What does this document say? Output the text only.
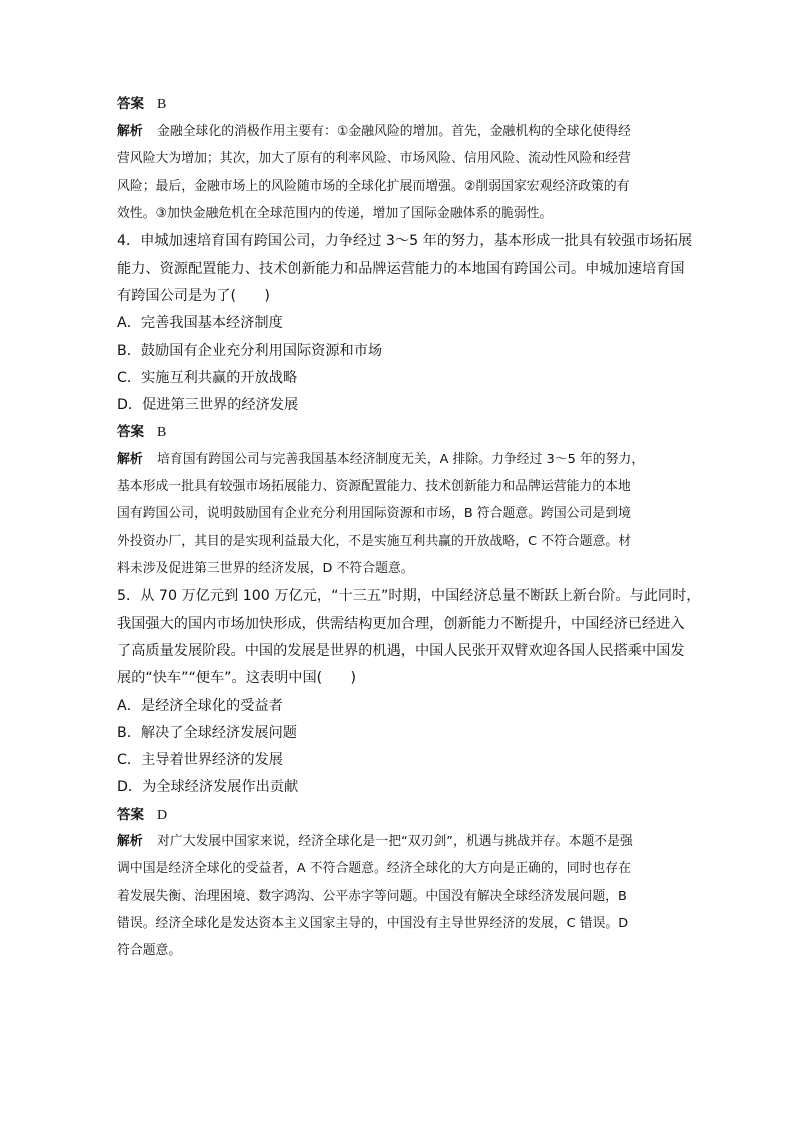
答案 B
解析 金融全球化的消极作用主要有：①金融风险的增加。首先，金融机构的全球化使得经
营风险大为增加；其次，加大了原有的利率风险、市场风险、信用风险、流动性风险和经营
风险；最后，金融市场上的风险随市场的全球化扩展而增强。②削弱国家宏观经济政策的有
效性。③加快金融危机在全球范围内的传递，增加了国际金融体系的脆弱性。
4．申城加速培育国有跨国公司，力争经过 3～5 年的努力，基本形成一批具有较强市场拓展
能力、资源配置能力、技术创新能力和品牌运营能力的本地国有跨国公司。申城加速培育国
有跨国公司是为了(　　)
A．完善我国基本经济制度
B．鼓励国有企业充分利用国际资源和市场
C．实施互利共赢的开放战略
D．促进第三世界的经济发展
答案 B
解析 培育国有跨国公司与完善我国基本经济制度无关，A 排除。力争经过 3～5 年的努力，
基本形成一批具有较强市场拓展能力、资源配置能力、技术创新能力和品牌运营能力的本地
国有跨国公司，说明鼓励国有企业充分利用国际资源和市场，B 符合题意。跨国公司是到境
外投资办厂，其目的是实现利益最大化，不是实施互利共赢的开放战略，C 不符合题意。材
料未涉及促进第三世界的经济发展，D 不符合题意。
5．从 70 万亿元到 100 万亿元，“十三五”时期，中国经济总量不断跃上新台阶。与此同时，
我国强大的国内市场加快形成，供需结构更加合理，创新能力不断提升，中国经济已经进入
了高质量发展阶段。中国的发展是世界的机遇，中国人民张开双臂欢迎各国人民搭乘中国发
展的“快车”“便车”。这表明中国(　　)
A．是经济全球化的受益者
B．解决了全球经济发展问题
C．主导着世界经济的发展
D．为全球经济发展作出贡献
答案 D
解析 对广大发展中国家来说，经济全球化是一把“双刃剑”，机遇与挑战并存。本题不是强
调中国是经济全球化的受益者，A 不符合题意。经济全球化的大方向是正确的，同时也存在
着发展失衡、治理困境、数字鸿沟、公平赤字等问题。中国没有解决全球经济发展问题，B
错误。经济全球化是发达资本主义国家主导的，中国没有主导世界经济的发展，C 错误。D
符合题意。
